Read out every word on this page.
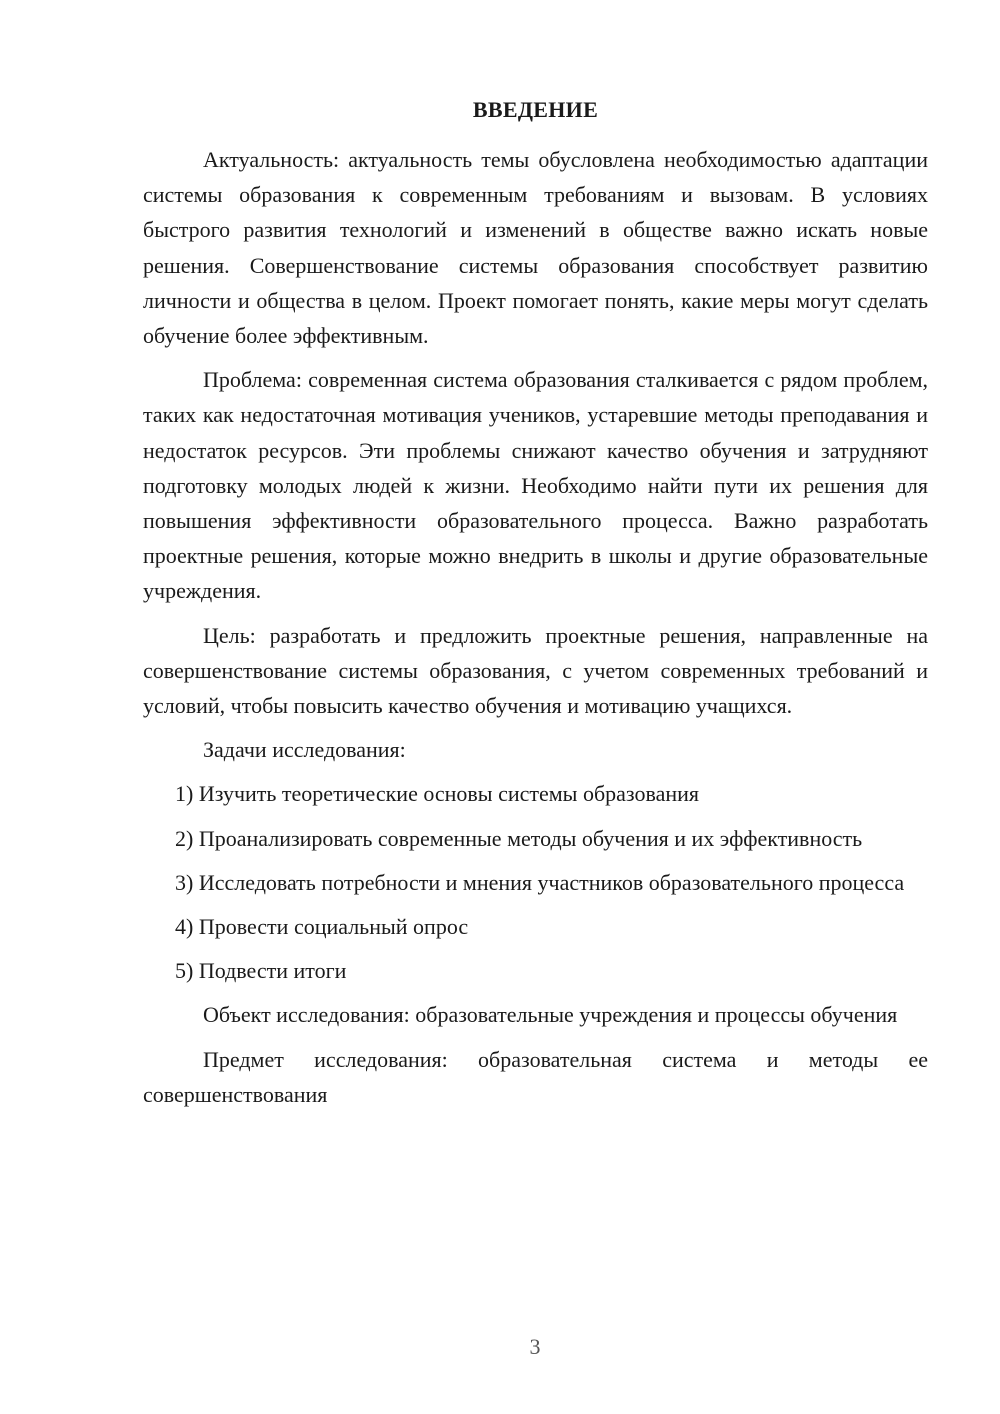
ВВЕДЕНИЕ

Актуальность: актуальность темы обусловлена необходимостью адаптации системы образования к современным требованиям и вызовам. В условиях быстрого развития технологий и изменений в обществе важно искать новые решения. Совершенствование системы образования способствует развитию личности и общества в целом. Проект помогает понять, какие меры могут сделать обучение более эффективным.

Проблема: современная система образования сталкивается с рядом проблем, таких как недостаточная мотивация учеников, устаревшие методы преподавания и недостаток ресурсов. Эти проблемы снижают качество обучения и затрудняют подготовку молодых людей к жизни. Необходимо найти пути их решения для повышения эффективности образовательного процесса. Важно разработать проектные решения, которые можно внедрить в школы и другие образовательные учреждения.

Цель: разработать и предложить проектные решения, направленные на совершенствование системы образования, с учетом современных требований и условий, чтобы повысить качество обучения и мотивацию учащихся.

Задачи исследования:

1) Изучить теоретические основы системы образования

2) Проанализировать современные методы обучения и их эффективность

3) Исследовать потребности и мнения участников образовательного процесса

4) Провести социальный опрос

5) Подвести итоги

Объект исследования: образовательные учреждения и процессы обучения

Предмет исследования: образовательная система и методы ее совершенствования

3
